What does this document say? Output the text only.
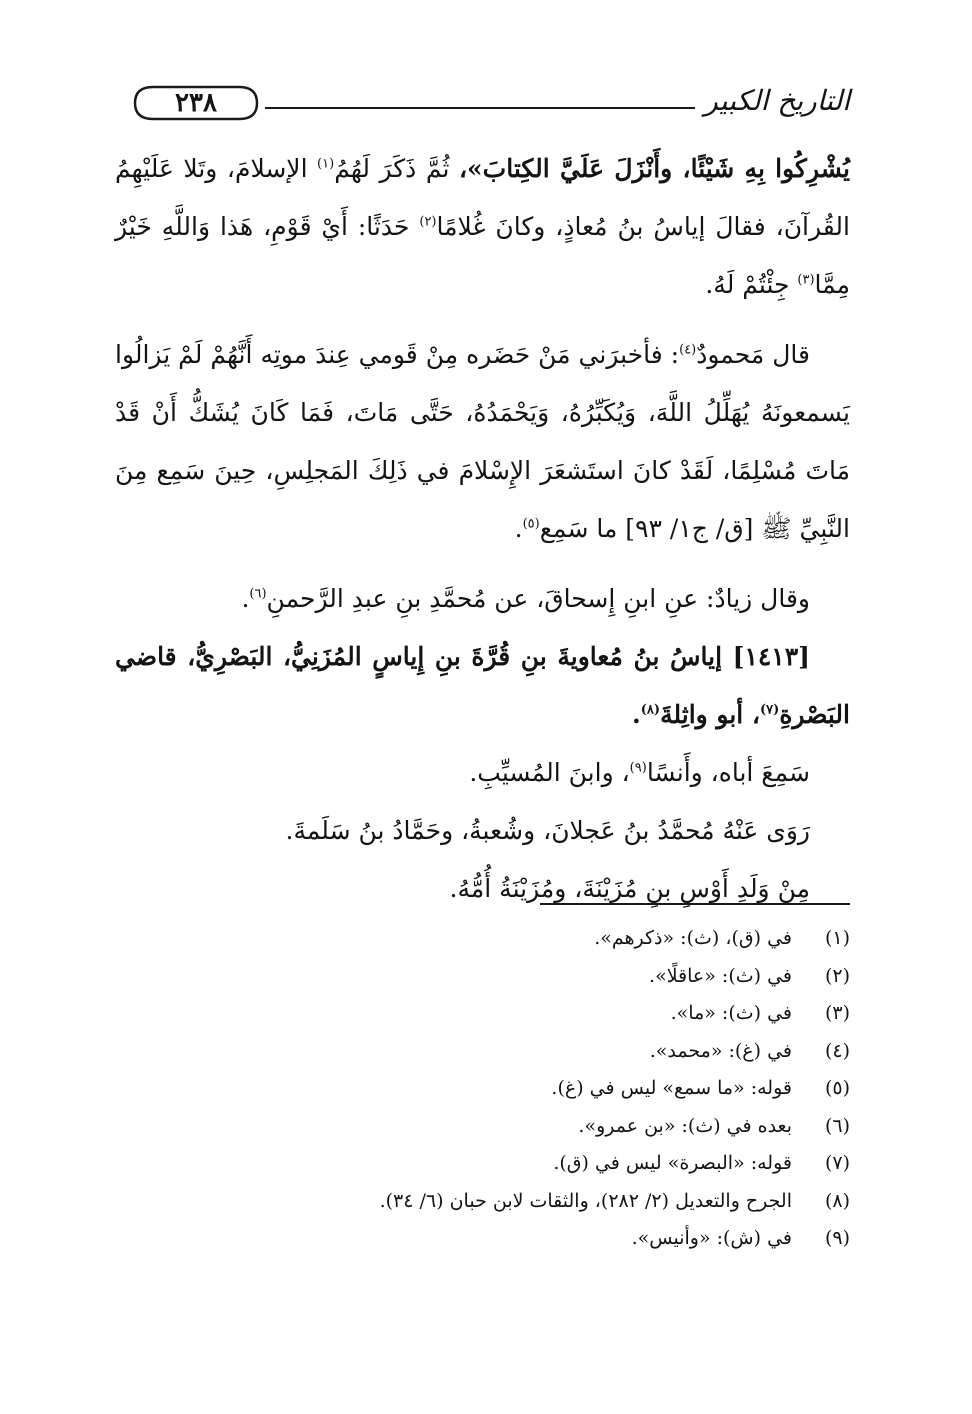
٢٣٨	التاريخ الكبير

يُشْرِكُوا بِهِ شَيْئًا، وأَنْزَلَ عَلَيَّ الكِتابَ»، ثُمَّ ذَكَرَ لَهُمُ$^{(١)}$ الإسلامَ، وتَلا عَلَيْهِمُ القُرآنَ، فقالَ إياسُ بنُ مُعاذٍ، وكانَ غُلامًا$^{(٢)}$ حَدَثًا: أَيْ قَوْمِ، هَذا وَاللَّهِ خَيْرٌ مِمَّا$^{(٣)}$ جِئْتُمْ لَهُ.

قال مَحمودٌ$^{(٤)}$: فأخبرَني مَنْ حَضَره مِنْ قَومي عِندَ موتِه أَنَّهُمْ لَمْ يَزالُوا يَسمعونَهُ يُهَلِّلُ اللَّهَ، وَيُكَبِّرُهُ، وَيَحْمَدُهُ، حَتَّى مَاتَ، فَمَا كَانَ يُشَكُّ أَنْ قَدْ مَاتَ مُسْلِمًا، لَقَدْ كانَ استَشعَرَ الإِسْلامَ في ذَلِكَ المَجلِسِ، حِينَ سَمِع مِنَ النَّبِيِّ ﷺ [ق/ ج١/ ٩٣] ما سَمِع$^{(٥)}$.

وقال زيادٌ: عنِ ابنِ إِسحاقَ، عن مُحمَّدِ بنِ عبدِ الرَّحمنِ$^{(٦)}$.

[١٤١٣] إياسُ بنُ مُعاويةَ بنِ قُرَّةَ بنِ إِياسٍ المُزَنِيُّ، البَصْرِيُّ، قاضي البَصْرةِ$^{(٧)}$، أبو واثِلةَ$^{(٨)}$.

سَمِعَ أباه، وأَنسًا$^{(٩)}$، وابنَ المُسيِّبِ.

رَوَى عَنْهُ مُحمَّدُ بنُ عَجلانَ، وشُعبةُ، وحَمَّادُ بنُ سَلَمةَ.

مِنْ وَلَدِ أَوْسِ بنِ مُزَيْنَةَ، ومُزَيْنَةُ أُمُّهُ.

(١)في (ق)، (ث): «ذكرهم».
(٢)في (ث): «عاقلًا».
(٣)في (ث): «ما».
(٤)في (غ): «محمد».
(٥)قوله: «ما سمع» ليس في (غ).
(٦)بعده في (ث): «بن عمرو».
(٧)قوله: «البصرة» ليس في (ق).
(٨)الجرح والتعديل (٢/ ٢٨٢)، والثقات لابن حبان (٦/ ٣٤).
(٩)في (ش): «وأنيس».
